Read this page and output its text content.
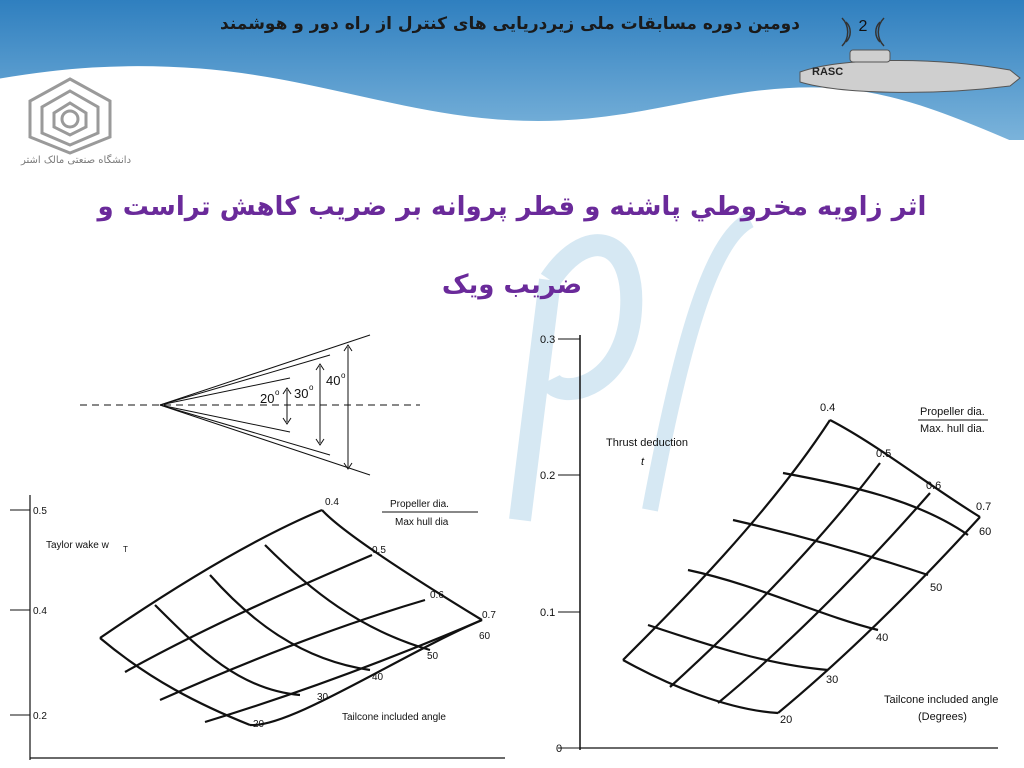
دومین دوره مسابقات ملی زیردریایی های کنترل از راه دور و هوشمند	2
RASC
دانشگاه صنعتی مالک اشتر
اثر زاويه مخروطي پاشنه و قطر پروانه بر ضريب كاهش تراست و ضريب ويک
20 o 30 o 40 o
0.5
0.4
0.2
Taylor wake w T
Propeller dia.
Max hull dia
0.4
0.5
0.6
0.7
20
30
40
50
60
Tailcone included angle
0.3
0.2
0.1
0
Thrust deduction
t
Propeller dia.
Max. hull dia.
0.4
0.5
0.6
0.7
20
30
40
50
60
Tailcone included angle
(Degrees)
